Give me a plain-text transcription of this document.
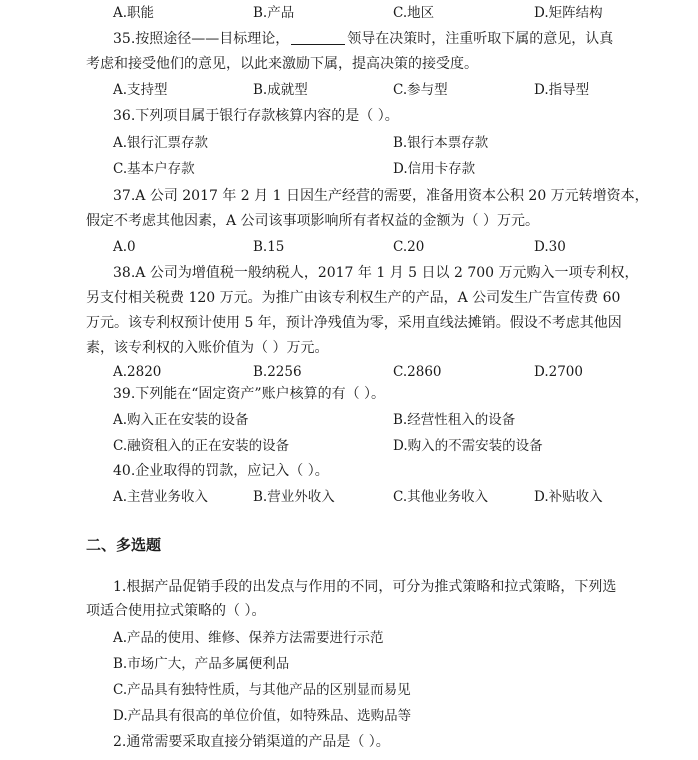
A.职能	B.产品	C.地区	D.矩阵结构
35.按照途径——目标理论，	领导在决策时，注重听取下属的意见，认真
考虑和接受他们的意见，以此来激励下属，提高决策的接受度。
A.支持型	B.成就型	C.参与型	D.指导型
36.下列项目属于银行存款核算内容的是（ ）。
A.银行汇票存款	B.银行本票存款
C.基本户存款	D.信用卡存款
37.A 公司 2017 年 2 月 1 日因生产经营的需要，准备用资本公积 20 万元转增资本，
假定不考虑其他因素，A 公司该事项影响所有者权益的金额为（ ）万元。
A.0	B.15	C.20	D.30
38.A 公司为增值税一般纳税人，2017 年 1 月 5 日以 2 700 万元购入一项专利权，
另支付相关税费 120 万元。为推广由该专利权生产的产品，A 公司发生广告宣传费 60
万元。该专利权预计使用 5 年，预计净残值为零，采用直线法摊销。假设不考虑其他因
素，该专利权的入账价值为（ ）万元。
A.2820	B.2256	C.2860	D.2700
39.下列能在“固定资产”账户核算的有（ ）。
A.购入正在安装的设备	B.经营性租入的设备
C.融资租入的正在安装的设备	D.购入的不需安装的设备
40.企业取得的罚款，应记入（ ）。
A.主营业务收入	B.营业外收入	C.其他业务收入	D.补贴收入
二、多选题
1.根据产品促销手段的出发点与作用的不同，可分为推式策略和拉式策略，下列选
项适合使用拉式策略的（ ）。
A.产品的使用、维修、保养方法需要进行示范
B.市场广大，产品多属便利品
C.产品具有独特性质，与其他产品的区别显而易见
D.产品具有很高的单位价值，如特殊品、选购品等
2.通常需要采取直接分销渠道的产品是（ ）。
